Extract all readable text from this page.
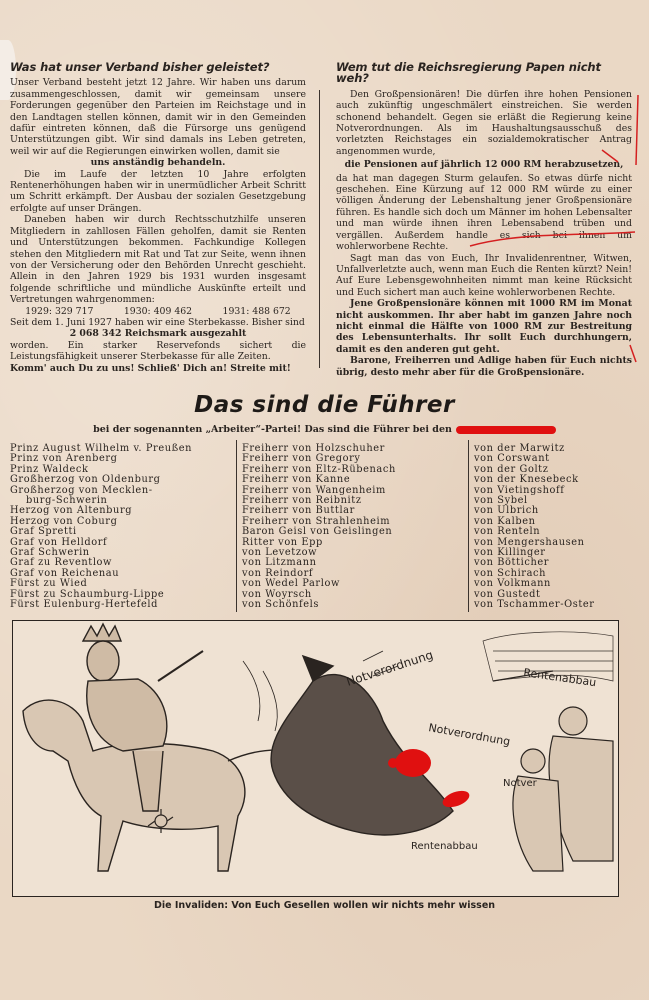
Was hat unser Verband bisher geleistet?

Unser Verband besteht jetzt 12 Jahre. Wir haben uns darum zusammengeschlossen, damit wir gemeinsam unsere Forderungen gegenüber den Parteien im Reichstage und in den Landtagen stellen können, damit wir in den Gemeinden dafür eintreten können, daß die Fürsorge uns genügend Unterstützungen gibt. Wir sind damals ins Leben getreten, weil wir auf die Regierungen einwirken wollen, damit sie

uns anständig behandeln.

Die im Laufe der letzten 10 Jahre erfolgten Rentenerhöhungen haben wir in unermüdlicher Arbeit Schritt um Schritt erkämpft. Der Ausbau der sozialen Gesetzgebung erfolgte auf unser Drängen.

Daneben haben wir durch Rechtsschutzhilfe unseren Mitgliedern in zahllosen Fällen geholfen, damit sie Renten und Unterstützungen bekommen. Fachkundige Kollegen stehen den Mitgliedern mit Rat und Tat zur Seite, wenn ihnen von der Versicherung oder den Behörden Unrecht geschieht. Allein in den Jahren 1929 bis 1931 wurden insgesamt folgende schriftliche und mündliche Auskünfte erteilt und Vertretungen wahrgenommen:

1929: 329 717	1930: 409 462	1931: 488 672

Seit dem 1. Juni 1927 haben wir eine Sterbekasse. Bisher sind

2 068 342 Reichsmark ausgezahlt

worden. Ein starker Reservefonds sichert die Leistungsfähigkeit unserer Sterbekasse für alle Zeiten.

Komm' auch Du zu uns! Schließ' Dich an! Streite mit!

Wem tut die Reichsregierung Papen nicht weh?

Den Großpensionären! Die dürfen ihre hohen Pensionen auch zukünftig ungeschmälert einstreichen. Sie werden schonend behandelt. Gegen sie erläßt die Regierung keine Notverordnungen. Als im Haushaltungsausschuß des vorletzten Reichstages ein sozialdemokratischer Antrag angenommen wurde,

die Pensionen auf jährlich 12 000 RM herabzusetzen,

da hat man dagegen Sturm gelaufen. So etwas dürfe nicht geschehen. Eine Kürzung auf 12 000 RM würde zu einer völligen Änderung der Lebenshaltung jener Großpensionäre führen. Es handle sich doch um Männer im hohen Lebensalter und man würde ihnen ihren Lebensabend trüben und vergällen. Außerdem handle es sich bei ihnen um wohlerworbene Rechte.

Sagt man das von Euch, Ihr Invalidenrentner, Witwen, Unfallverletzte auch, wenn man Euch die Renten kürzt? Nein! Auf Eure Lebensgewohnheiten nimmt man keine Rücksicht und Euch sichert man auch keine wohlerworbenen Rechte.

Jene Großpensionäre können mit 1000 RM im Monat nicht auskommen. Ihr aber habt im ganzen Jahre noch nicht einmal die Hälfte von 1000 RM zur Bestreitung des Lebensunterhalts. Ihr sollt Euch durchhungern, damit es den anderen gut geht.

Barone, Freiherren und Adlige haben für Euch nichts übrig, desto mehr aber für die Großpensionäre.

Das sind die Führer
bei der sogenannten „Arbeiter“-Partei! Das sind die Führer bei den
Prinz August Wilhelm v. Preußen
Prinz von Arenberg
Prinz Waldeck
Großherzog von Oldenburg
Großherzog von Mecklen-
burg-Schwerin
Herzog von Altenburg
Herzog von Coburg
Graf Spretti
Graf von Helldorf
Graf Schwerin
Graf zu Reventlow
Graf von Reichenau
Fürst zu Wied
Fürst zu Schaumburg-Lippe
Fürst Eulenburg-Hertefeld
Freiherr von Holzschuher
Freiherr von Gregory
Freiherr von Eltz-Rübenach
Freiherr von Kanne
Freiherr von Wangenheim
Freiherr von Reibnitz
Freiherr von Buttlar
Freiherr von Strahlenheim
Baron Geisl von Geislingen
Ritter von Epp
von Levetzow
von Litzmann
von Reindorf
von Wedel Parlow
von Woyrsch
von Schönfels
von der Marwitz
von Corswant
von der Goltz
von der Knesebeck
von Vietingshoff
von Sybel
von Ulbrich
von Kalben
von Renteln
von Mengershausen
von Killinger
von Bötticher
von Schirach
von Volkmann
von Gustedt
von Tschammer-Oster
Notverordnung
Notverordnung
Rentenabbau
Notver
Rentenabbau
Die Invaliden: Von Euch Gesellen wollen wir nichts mehr wissen
